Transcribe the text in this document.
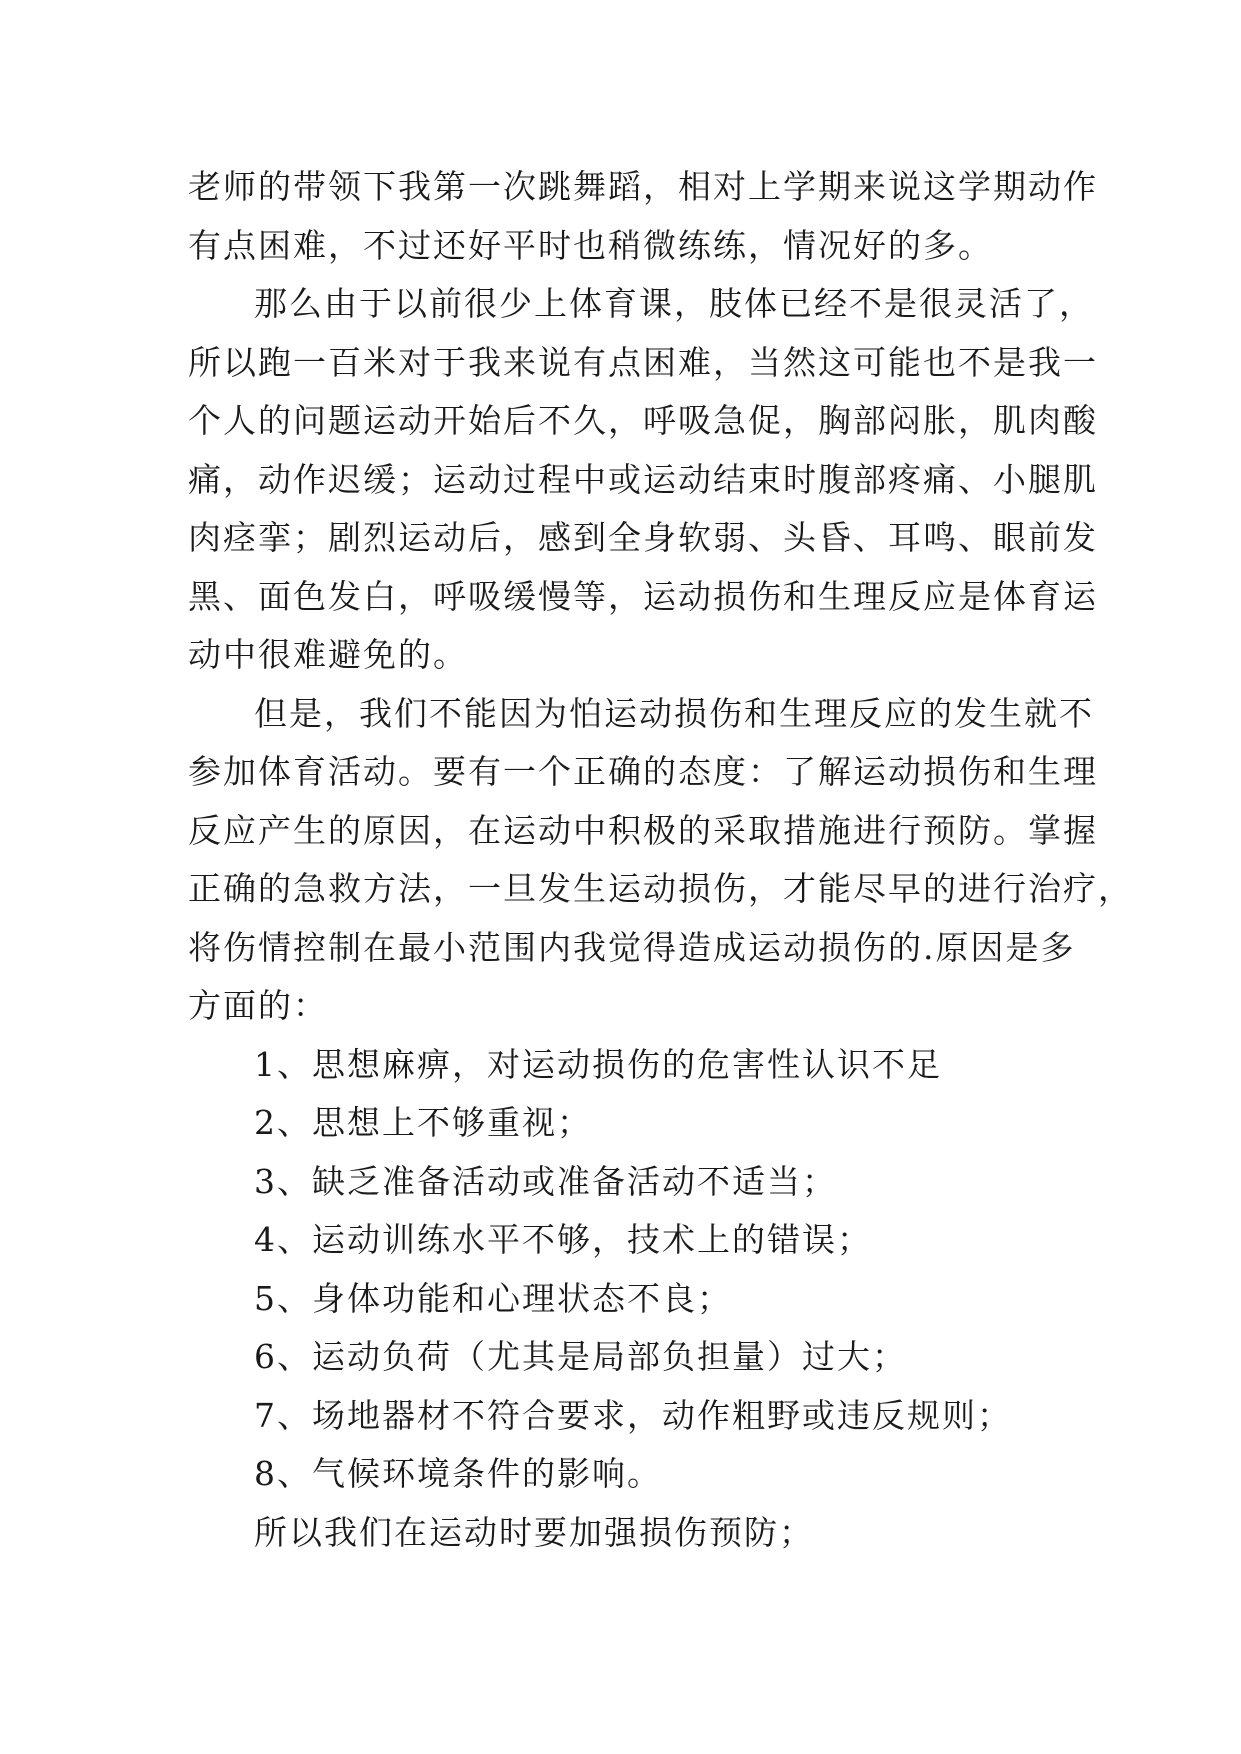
老师的带领下我第一次跳舞蹈，相对上学期来说这学期动作
有点困难，不过还好平时也稍微练练，情况好的多。
那么由于以前很少上体育课，肢体已经不是很灵活了，
所以跑一百米对于我来说有点困难，当然这可能也不是我一
个人的问题运动开始后不久，呼吸急促，胸部闷胀，肌肉酸
痛，动作迟缓；运动过程中或运动结束时腹部疼痛、小腿肌
肉痉挛；剧烈运动后，感到全身软弱、头昏、耳鸣、眼前发
黑、面色发白，呼吸缓慢等，运动损伤和生理反应是体育运
动中很难避免的。
但是，我们不能因为怕运动损伤和生理反应的发生就不
参加体育活动。要有一个正确的态度：了解运动损伤和生理
反应产生的原因，在运动中积极的采取措施进行预防。掌握
正确的急救方法，一旦发生运动损伤，才能尽早的进行治疗，
将伤情控制在最小范围内我觉得造成运动损伤的.原因是多
方面的：
1、思想麻痹，对运动损伤的危害性认识不足
2、思想上不够重视；
3、缺乏准备活动或准备活动不适当；
4、运动训练水平不够，技术上的错误；
5、身体功能和心理状态不良；
6、运动负荷（尤其是局部负担量）过大；
7、场地器材不符合要求，动作粗野或违反规则；
8、气候环境条件的影响。
所以我们在运动时要加强损伤预防；
